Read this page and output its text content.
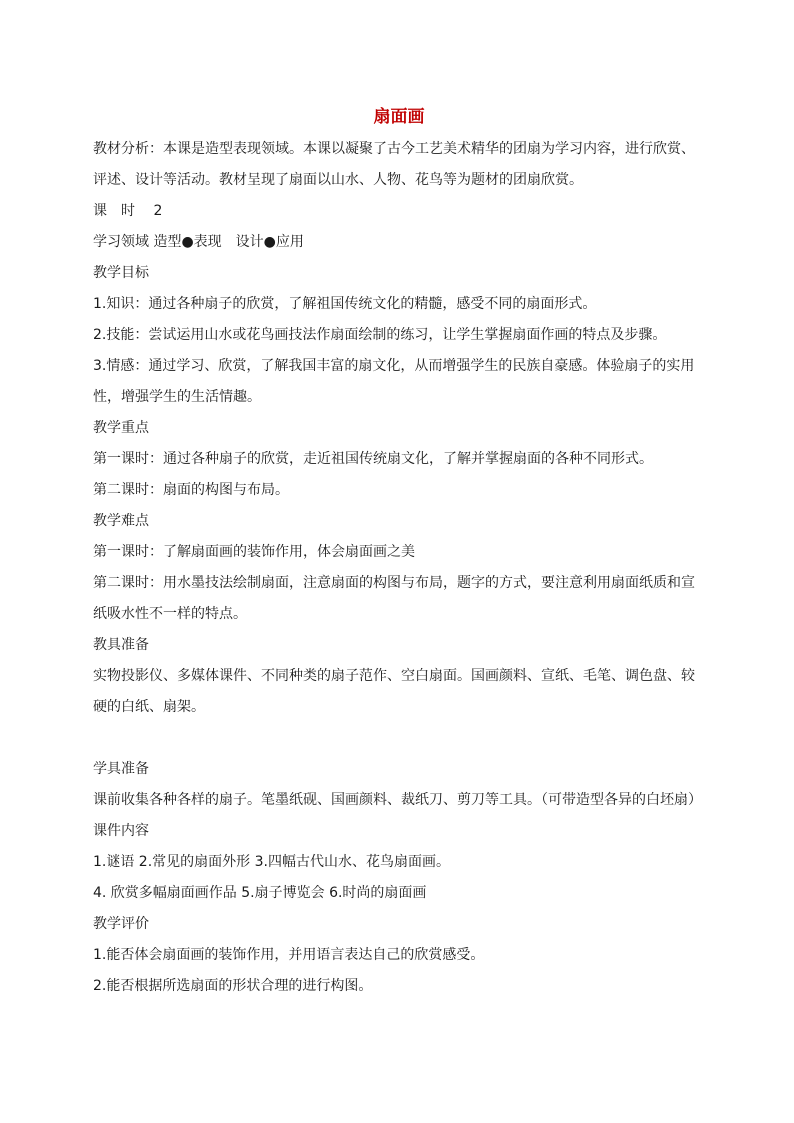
扇面画

教材分析：本课是造型表现领域。本课以凝聚了古今工艺美术精华的团扇为学习内容，进行欣赏、

评述、设计等活动。教材呈现了扇面以山水、人物、花鸟等为题材的团扇欣赏。

课　时　 2

学习领域 造型●表现　设计●应用

教学目标

1.知识：通过各种扇子的欣赏，了解祖国传统文化的精髓，感受不同的扇面形式。

2.技能：尝试运用山水或花鸟画技法作扇面绘制的练习，让学生掌握扇面作画的特点及步骤。

3.情感：通过学习、欣赏，了解我国丰富的扇文化，从而增强学生的民族自豪感。体验扇子的实用

性，增强学生的生活情趣。

教学重点

第一课时：通过各种扇子的欣赏，走近祖国传统扇文化，了解并掌握扇面的各种不同形式。

第二课时：扇面的构图与布局。

教学难点

第一课时：了解扇面画的装饰作用，体会扇面画之美

第二课时：用水墨技法绘制扇面，注意扇面的构图与布局，题字的方式，要注意利用扇面纸质和宣

纸吸水性不一样的特点。

教具准备

实物投影仪、多媒体课件、不同种类的扇子范作、空白扇面。国画颜料、宣纸、毛笔、调色盘、较

硬的白纸、扇架。

学具准备

课前收集各种各样的扇子。笔墨纸砚、国画颜料、裁纸刀、剪刀等工具。（可带造型各异的白坯扇）

课件内容

1.谜语 2.常见的扇面外形 3.四幅古代山水、花鸟扇面画。

4. 欣赏多幅扇面画作品 5.扇子博览会 6.时尚的扇面画

教学评价

1.能否体会扇面画的装饰作用，并用语言表达自己的欣赏感受。

2.能否根据所选扇面的形状合理的进行构图。
